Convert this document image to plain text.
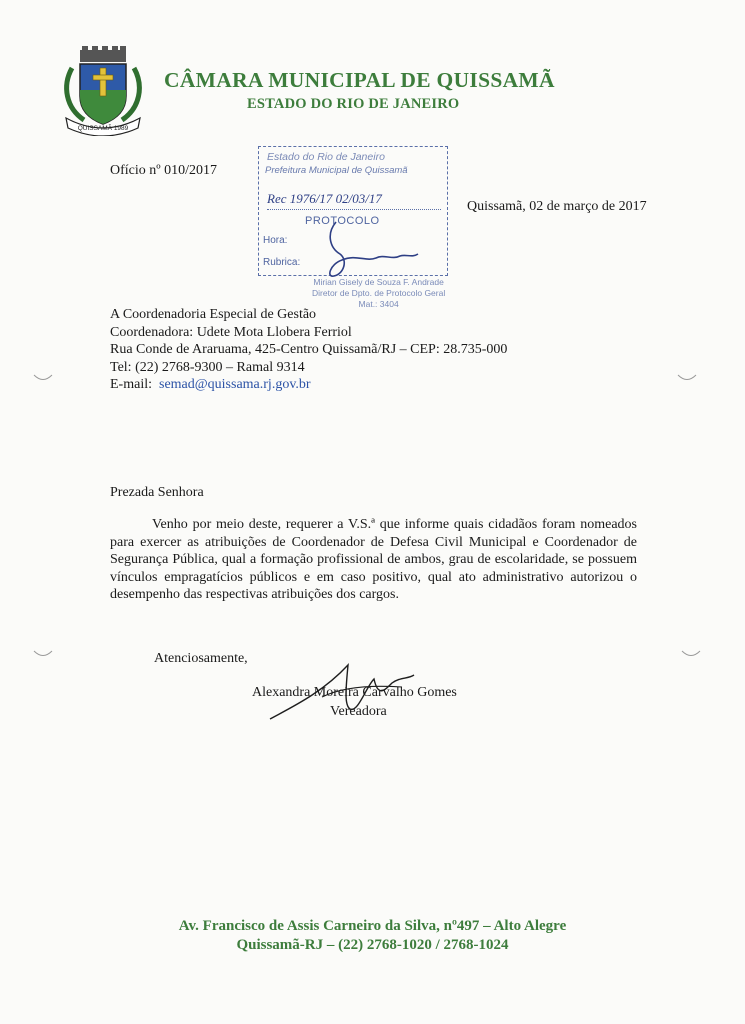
QUISSAMÃ 1989
CÂMARA MUNICIPAL DE QUISSAMÃ
ESTADO DO RIO DE JANEIRO
Ofício nº 010/2017
Estado do Rio de Janeiro
Prefeitura Municipal de Quissamã
Rec 1976/17 02/03/17
PROTOCOLO
Hora:
Rubrica:
Mirian Gisely de Souza F. Andrade
Diretor de Dpto. de Protocolo Geral
Mat.: 3404
Quissamã, 02 de março de 2017
A Coordenadoria Especial de Gestão
Coordenadora: Udete Mota Llobera Ferriol
Rua Conde de Araruama, 425-Centro Quissamã/RJ – CEP: 28.735-000
Tel: (22) 2768-9300 – Ramal 9314
E-mail: semad@quissama.rj.gov.br
Prezada Senhora

Venho por meio deste, requerer a V.S.ª que informe quais cidadãos foram nomeados para exercer as atribuições de Coordenador de Defesa Civil Municipal e Coordenador de Segurança Pública, qual a formação profissional de ambos, grau de escolaridade, se possuem vínculos empragatícios públicos e em caso positivo, qual ato administrativo autorizou o desempenho das respectivas atribuições dos cargos.

Atenciosamente,
Alexandra Moreira Carvalho Gomes
Vereadora
Av. Francisco de Assis Carneiro da Silva, nº497 – Alto Alegre
Quissamã-RJ – (22) 2768-1020 / 2768-1024
